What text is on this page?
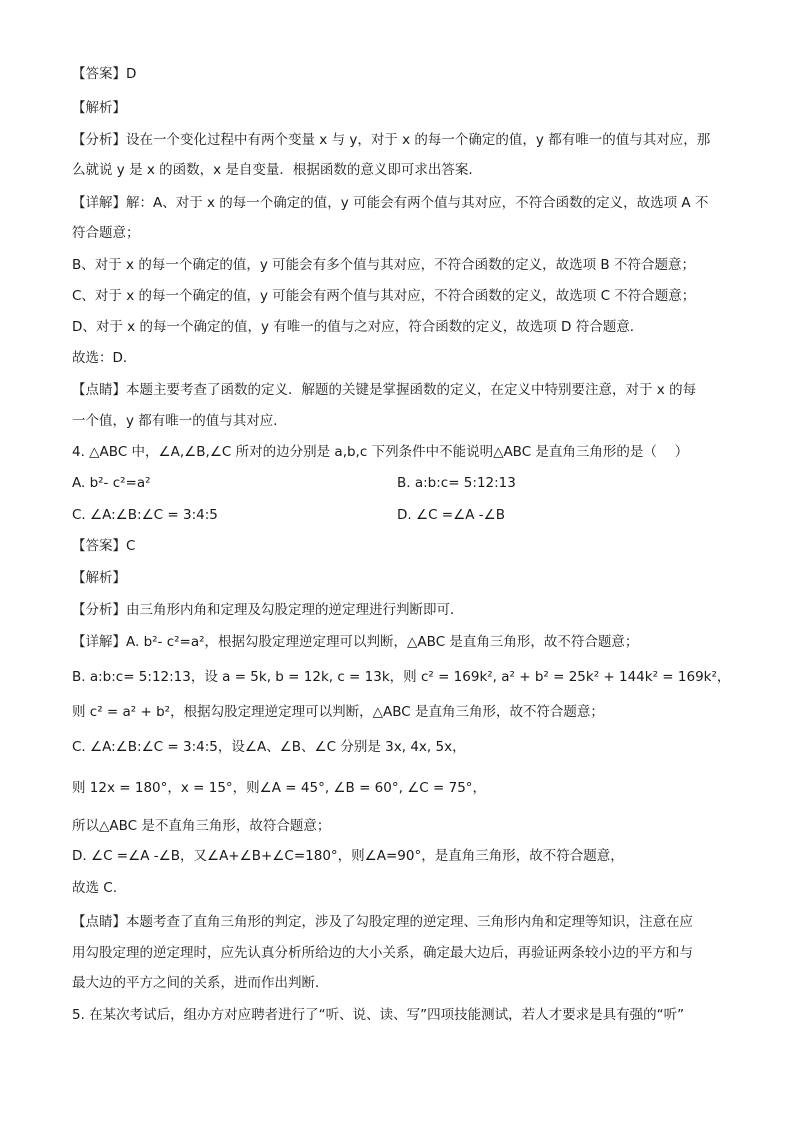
【答案】D
【解析】
【分析】设在一个变化过程中有两个变量 x 与 y，对于 x 的每一个确定的值，y 都有唯一的值与其对应，那
么就说 y 是 x 的函数，x 是自变量．根据函数的意义即可求出答案．
【详解】解：A、对于 x 的每一个确定的值，y 可能会有两个值与其对应，不符合函数的定义，故选项 A 不
符合题意；
B、对于 x 的每一个确定的值，y 可能会有多个值与其对应，不符合函数的定义，故选项 B 不符合题意；
C、对于 x 的每一个确定的值，y 可能会有两个值与其对应，不符合函数的定义，故选项 C 不符合题意；
D、对于 x 的每一个确定的值，y 有唯一的值与之对应，符合函数的定义，故选项 D 符合题意．
故选：D．
【点睛】本题主要考查了函数的定义．解题的关键是掌握函数的定义，在定义中特别要注意，对于 x 的每
一个值，y 都有唯一的值与其对应．
4. △ABC 中，∠A,∠B,∠C 所对的边分别是 a,b,c 下列条件中不能说明△ABC 是直角三角形的是（　 ）
A. b²- c²=a²	B. a:b:c= 5:12:13
C. ∠A:∠B:∠C = 3:4:5	D. ∠C =∠A -∠B
【答案】C
【解析】
【分析】由三角形内角和定理及勾股定理的逆定理进行判断即可．
【详解】A. b²- c²=a²，根据勾股定理逆定理可以判断，△ABC 是直角三角形，故不符合题意；
B. a:b:c= 5:12:13，设 a = 5k, b = 12k, c = 13k，则 c² = 169k², a² + b² = 25k² + 144k² = 169k²，
则 c² = a² + b²，根据勾股定理逆定理可以判断，△ABC 是直角三角形，故不符合题意；
C. ∠A:∠B:∠C = 3:4:5，设∠A、∠B、∠C 分别是 3x, 4x, 5x，
则 12x = 180°，x = 15°，则∠A = 45°, ∠B = 60°, ∠C = 75°，
所以△ABC 是不直角三角形，故符合题意；
D. ∠C =∠A -∠B，又∠A+∠B+∠C=180°，则∠A=90°，是直角三角形，故不符合题意，
故选 C.
【点睛】本题考查了直角三角形的判定，涉及了勾股定理的逆定理、三角形内角和定理等知识，注意在应
用勾股定理的逆定理时，应先认真分析所给边的大小关系，确定最大边后，再验证两条较小边的平方和与
最大边的平方之间的关系，进而作出判断．
5. 在某次考试后，组办方对应聘者进行了“听、说、读、写”四项技能测试，若人才要求是具有强的“听”
